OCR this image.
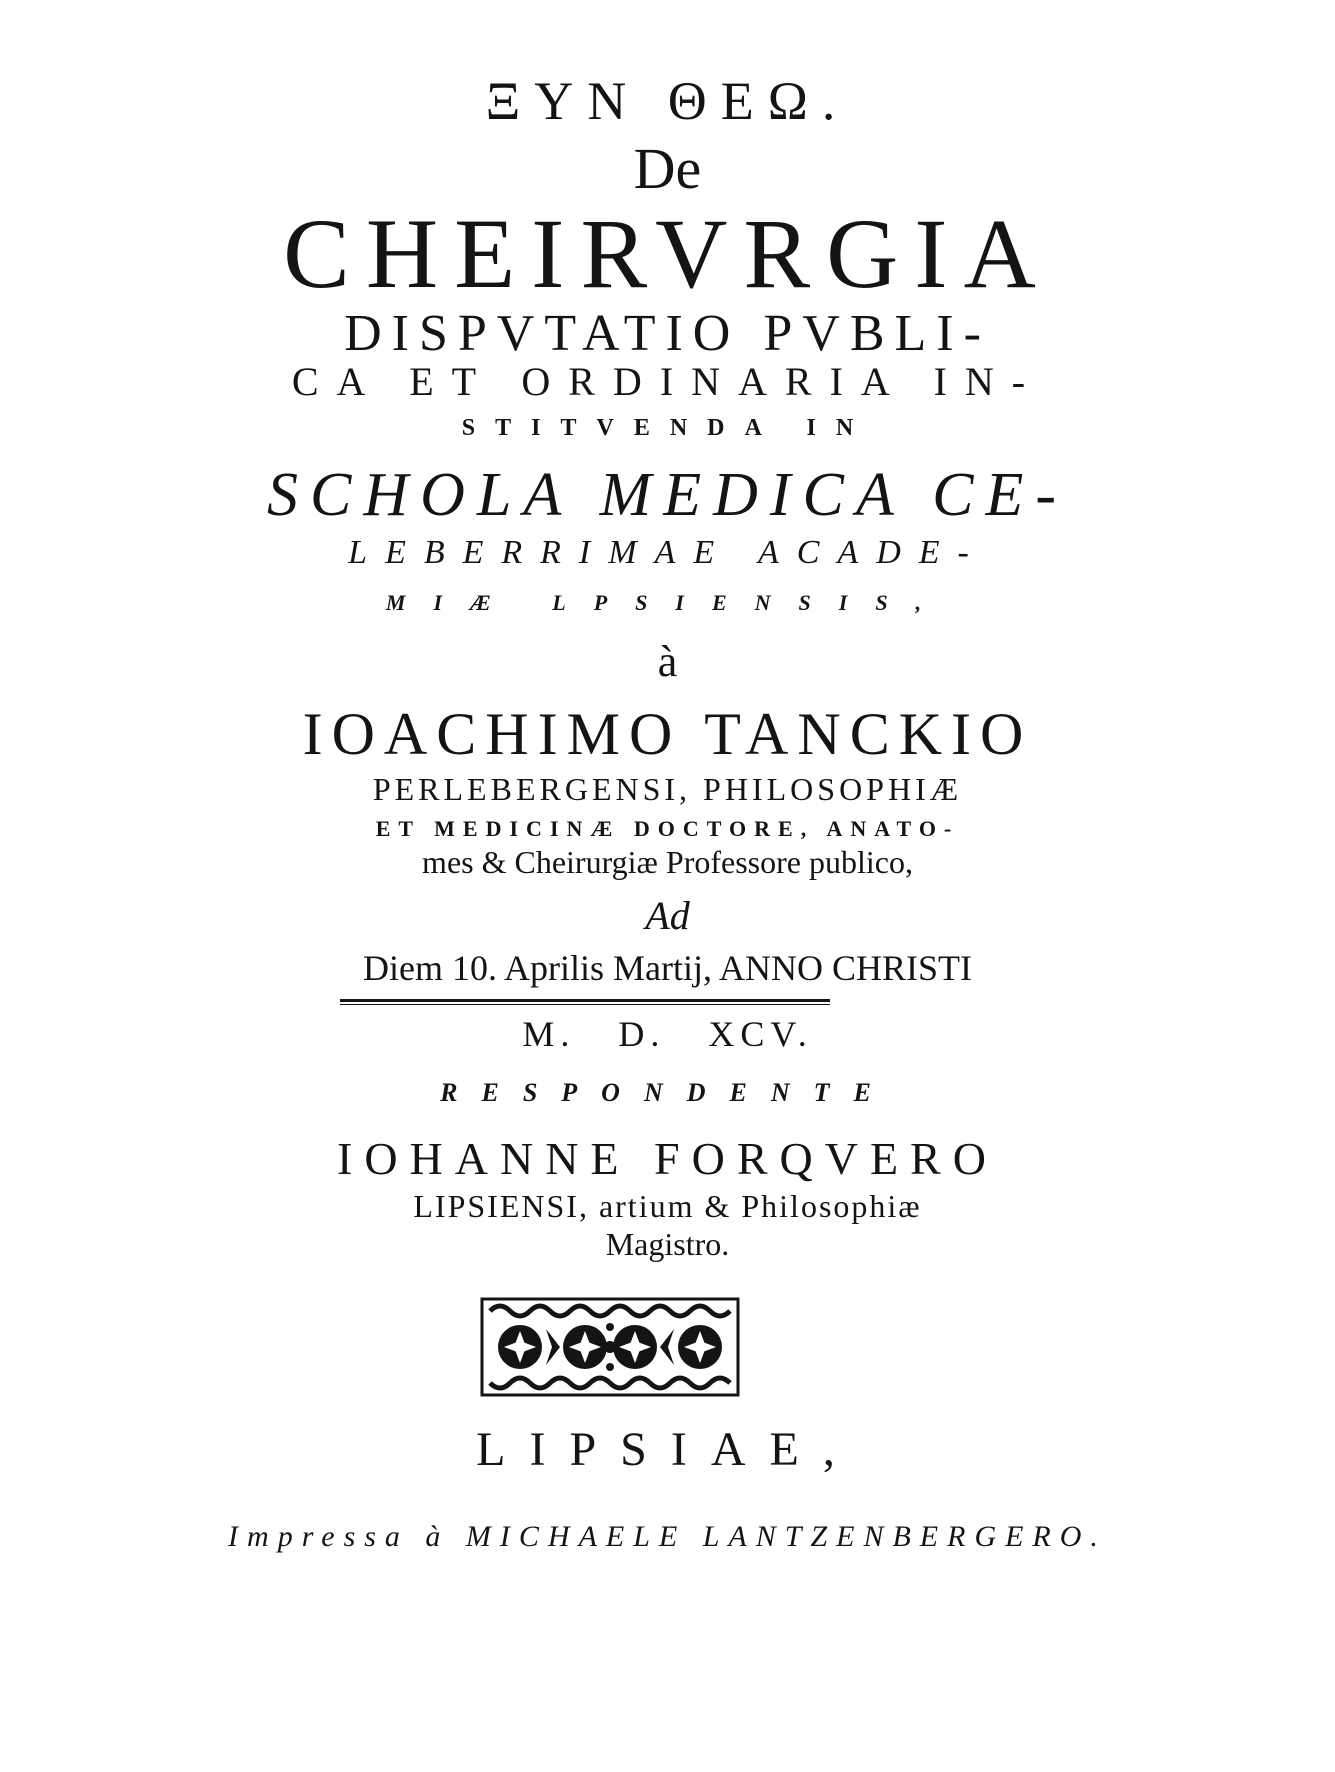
ΞΥΝ ΘΕΩ.
De
CHEIRVRGIA
DISPVTATIO PVBLI-
CA ET ORDINARIA IN-
STITVENDA IN
SCHOLA MEDICA CE-
LEBERRIMAE ACADE-
MIÆ LPSIENSIS,
à
IOACHIMO TANCKIO
PERLEBERGENSI, PHILOSOPHIÆ
ET MEDICINÆ DOCTORE, ANATO-
mes & Cheirurgiæ Professore publico,
Ad
Diem 10. Aprilis Martij, ANNO CHRISTI
M. D. XCV.
RESPONDENTE
IOHANNE FORQVERO
LIPSIENSI, artium & Philosophiæ
Magistro.
LIPSIAE,
Impressa à MICHAELE LANTZENBERGERO.
